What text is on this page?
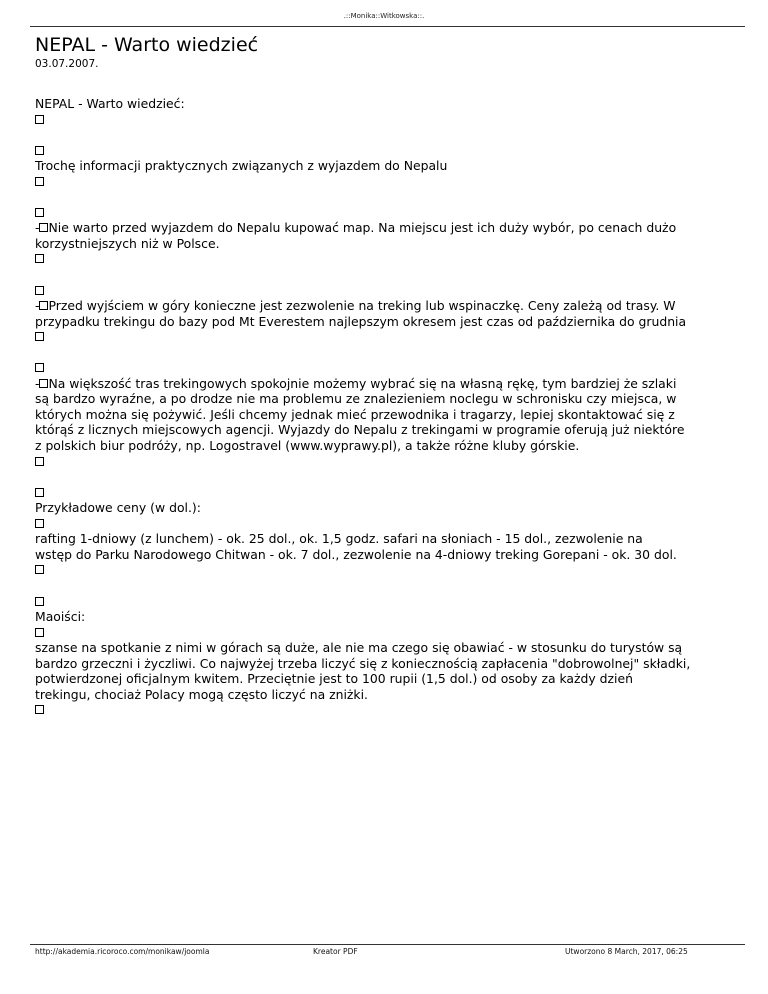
.::Monika::Witkowska::.
NEPAL - Warto wiedzieć
03.07.2007.
NEPAL - Warto wiedzieć:
Trochę informacji praktycznych związanych z wyjazdem do Nepalu
- Nie warto przed wyjazdem do Nepalu kupować map. Na miejscu jest ich duży wybór, po cenach dużo
korzystniejszych niż w Polsce.
- Przed wyjściem w góry konieczne jest zezwolenie na treking lub wspinaczkę. Ceny zależą od trasy. W
przypadku trekingu do bazy pod Mt Everestem najlepszym okresem jest czas od października do grudnia
- Na większość tras trekingowych spokojnie możemy wybrać się na własną rękę, tym bardziej że szlaki
są bardzo wyraźne, a po drodze nie ma problemu ze znalezieniem noclegu w schronisku czy miejsca, w
których można się pożywić. Jeśli chcemy jednak mieć przewodnika i tragarzy, lepiej skontaktować się z
którąś z licznych miejscowych agencji. Wyjazdy do Nepalu z trekingami w programie oferują już niektóre
z polskich biur podróży, np. Logostravel (www.wyprawy.pl), a także różne kluby górskie.
Przykładowe ceny (w dol.):
rafting 1-dniowy (z lunchem) - ok. 25 dol., ok. 1,5 godz. safari na słoniach - 15 dol., zezwolenie na
wstęp do Parku Narodowego Chitwan - ok. 7 dol., zezwolenie na 4-dniowy treking Gorepani - ok. 30 dol.
Maoiści:
szanse na spotkanie z nimi w górach są duże, ale nie ma czego się obawiać - w stosunku do turystów są
bardzo grzeczni i życzliwi. Co najwyżej trzeba liczyć się z koniecznością zapłacenia "dobrowolnej" składki,
potwierdzonej oficjalnym kwitem. Przeciętnie jest to 100 rupii (1,5 dol.) od osoby za każdy dzień
trekingu, chociaż Polacy mogą często liczyć na zniżki.
http://akademia.ricoroco.com/monikaw/joomla	Kreator PDF	Utworzono 8 March, 2017, 06:25
